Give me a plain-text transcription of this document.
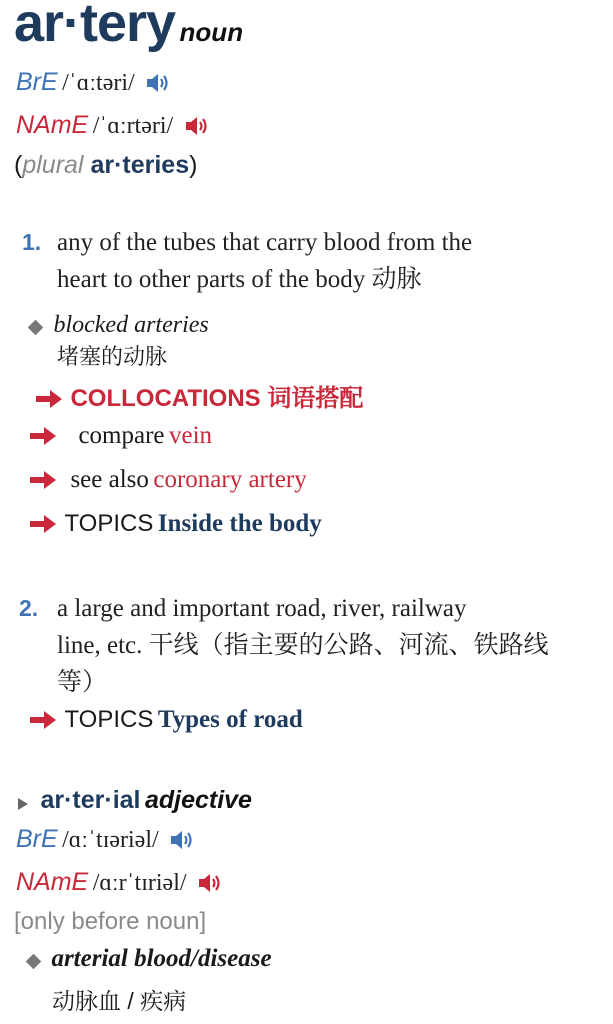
ar·tery noun
BrE /ˈɑːtəri/
NAmE /ˈɑːrtəri/
(plural ar·teries)
1. any of the tubes that carry blood from the
heart to other parts of the body 动脉
blocked arteries
堵塞的动脉
COLLOCATIONS 词语搭配
compare vein
see also coronary artery
TOPICS Inside the body
2. a large and important road, river, railway
line, etc. 干线（指主要的公路、河流、铁路线
等）
TOPICS Types of road
ar·ter·ial adjective
BrE /ɑːˈtɪəriəl/
NAmE /ɑːrˈtɪriəl/
[only before noun]
arterial blood/disease
动脉血 / 疾病
